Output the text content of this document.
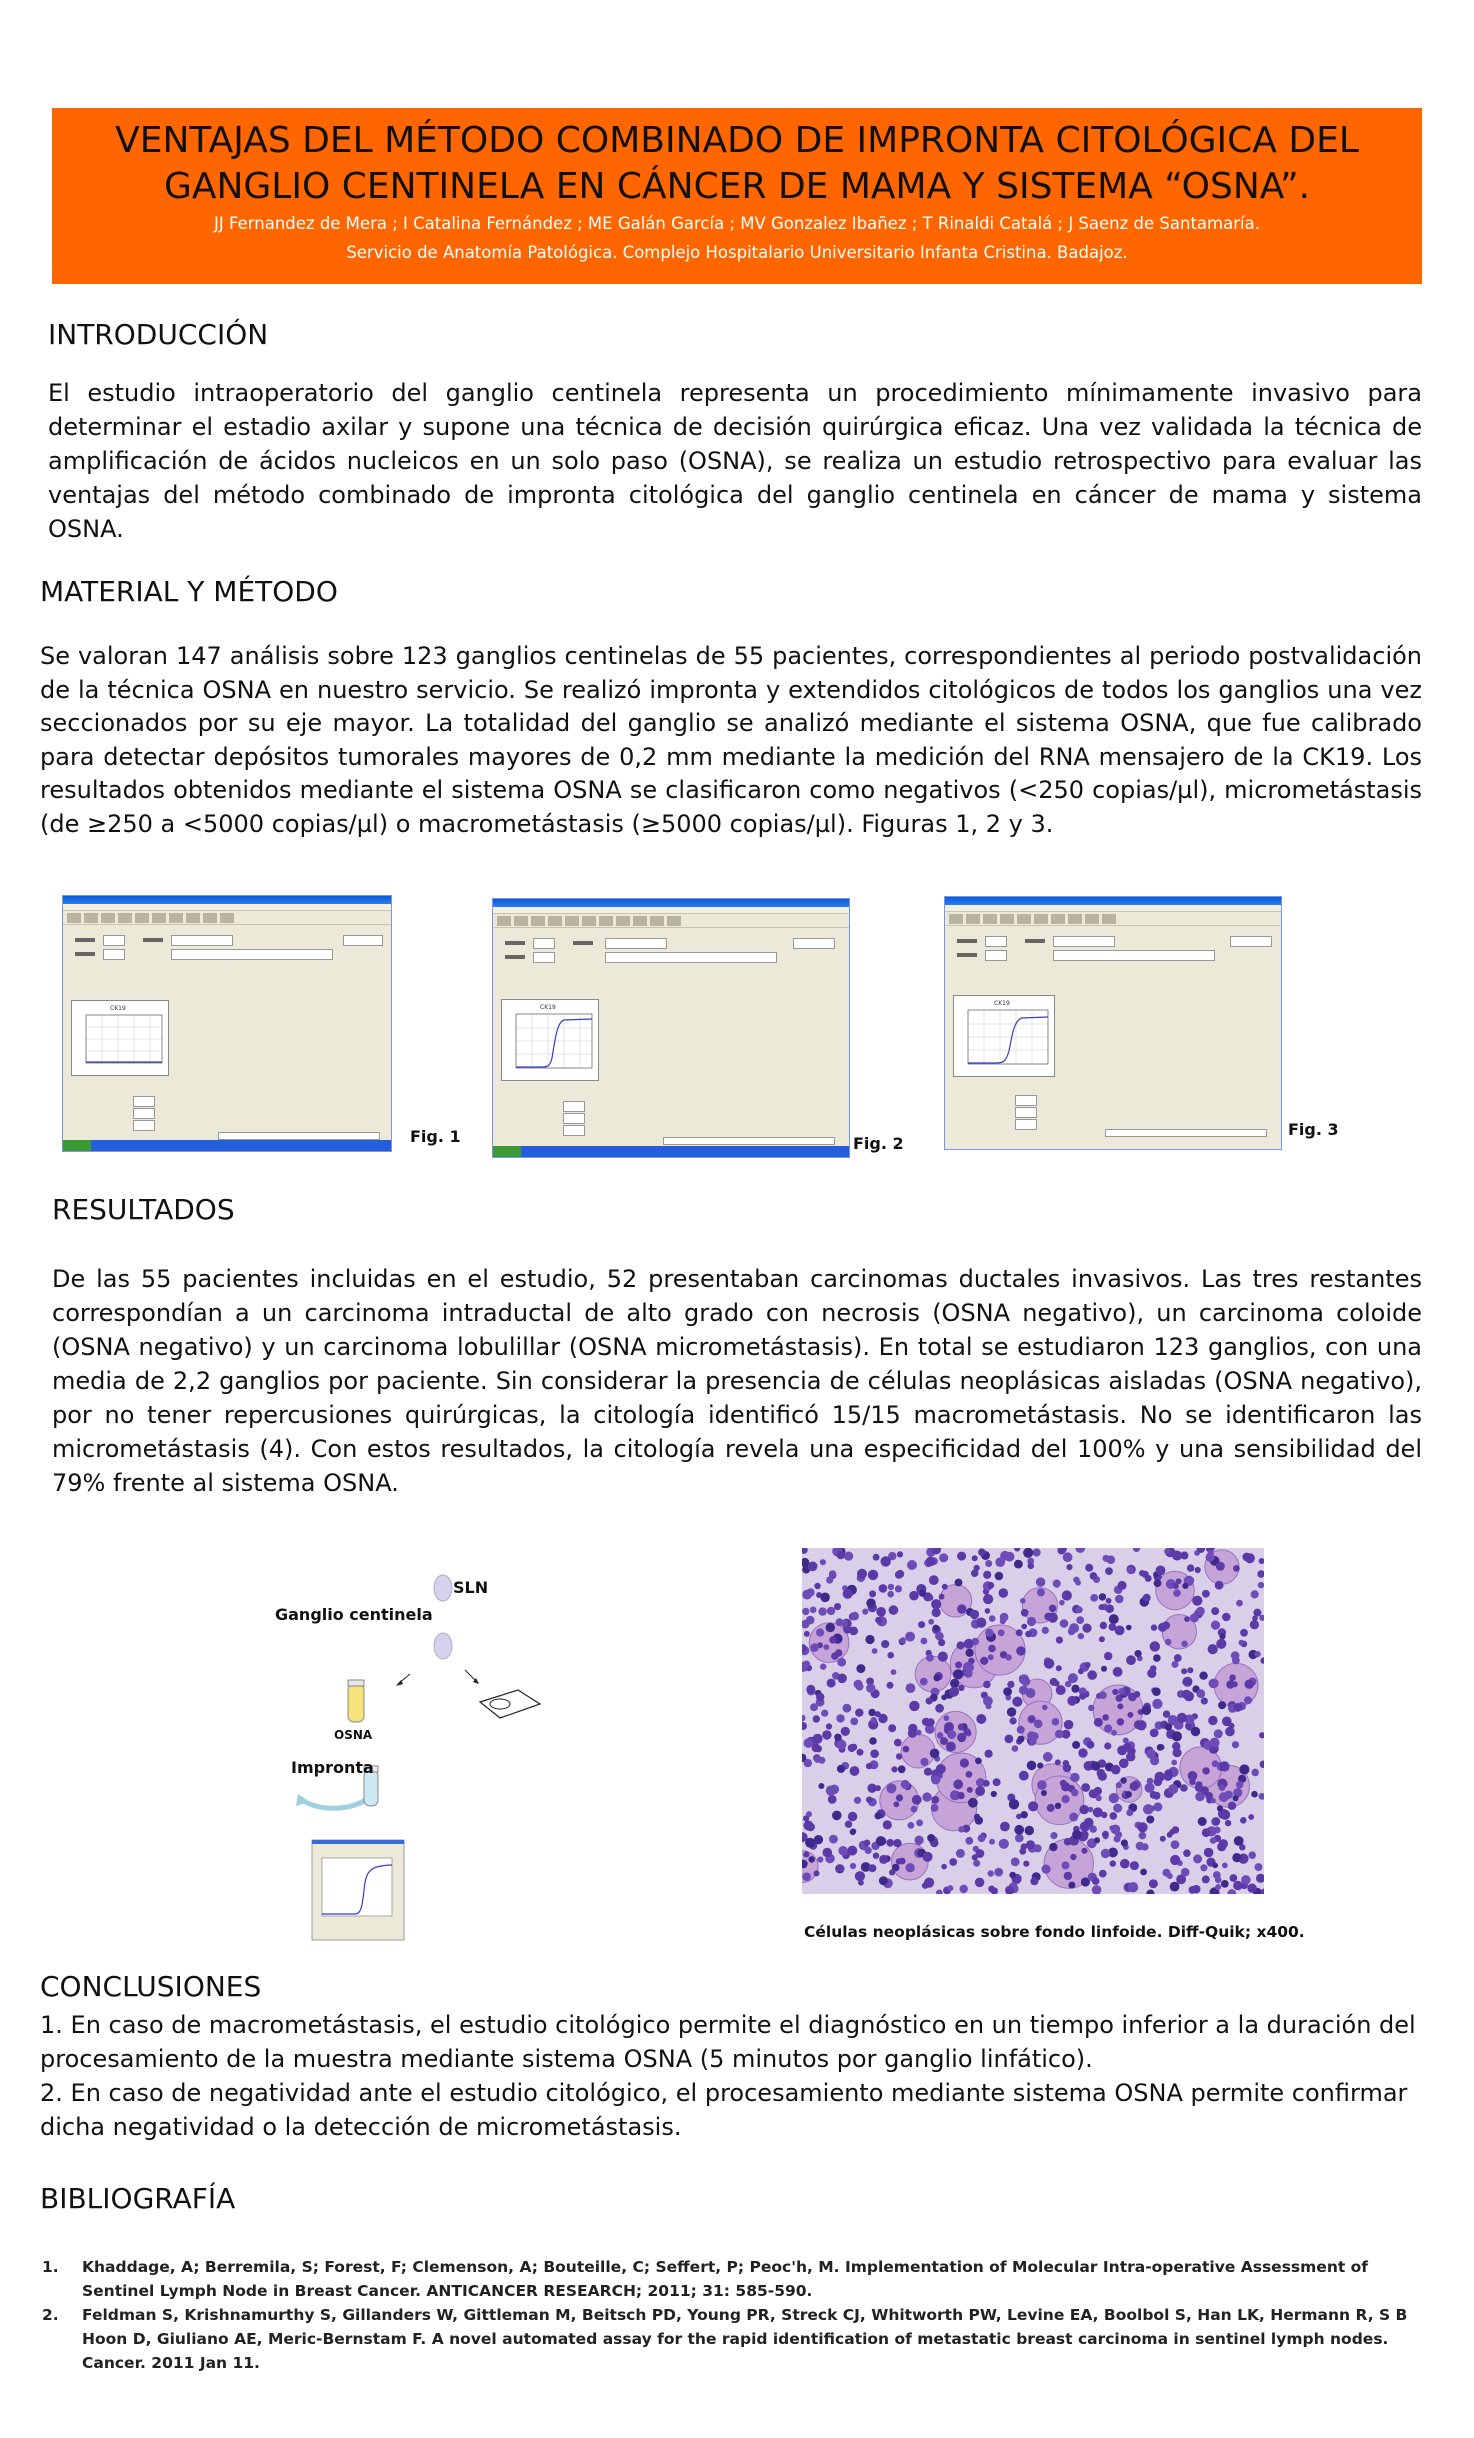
VENTAJAS DEL MÉTODO COMBINADO DE IMPRONTA CITOLÓGICA DEL
GANGLIO CENTINELA EN CÁNCER DE MAMA Y SISTEMA “OSNA”.
JJ Fernandez de Mera ; I Catalina Fernández ; ME Galán García ; MV Gonzalez Ibañez ; T Rinaldi Catalá ; J Saenz de Santamaría.
Servicio de Anatomía Patológica. Complejo Hospitalario Universitario Infanta Cristina. Badajoz.
INTRODUCCIÓN
El estudio intraoperatorio del ganglio centinela representa un procedimiento mínimamente invasivo para determinar el estadio axilar y supone una técnica de decisión quirúrgica eficaz. Una vez validada la técnica de amplificación de ácidos nucleicos en un solo paso (OSNA), se realiza un estudio retrospectivo para evaluar las ventajas del método combinado de impronta citológica del ganglio centinela en cáncer de mama y sistema OSNA.
MATERIAL Y MÉTODO
Se valoran 147 análisis sobre 123 ganglios centinelas de 55 pacientes, correspondientes al periodo postvalidación de la técnica OSNA en nuestro servicio. Se realizó impronta y extendidos citológicos de todos los ganglios una vez seccionados por su eje mayor. La totalidad del ganglio se analizó mediante el sistema OSNA, que fue calibrado para detectar depósitos tumorales mayores de 0,2 mm mediante la medición del RNA mensajero de la CK19. Los resultados obtenidos mediante el sistema OSNA se clasificaron como negativos (<250 copias/µl), micrometástasis (de ≥250 a <5000 copias/µl) o macrometástasis (≥5000 copias/µl). Figuras 1, 2 y 3.
CK19
Fig. 1
CK19
Fig. 2
CK19
Fig. 3
RESULTADOS
De las 55 pacientes incluidas en el estudio, 52 presentaban carcinomas ductales invasivos. Las tres restantes correspondían a un carcinoma intraductal de alto grado con necrosis (OSNA negativo), un carcinoma coloide (OSNA negativo) y un carcinoma lobulillar (OSNA micrometástasis). En total se estudiaron 123 ganglios, con una media de 2,2 ganglios por paciente. Sin considerar la presencia de células neoplásicas aisladas (OSNA negativo), por no tener repercusiones quirúrgicas, la citología identificó 15/15 macrometástasis. No se identificaron las micrometástasis (4). Con estos resultados, la citología revela una especificidad del 100% y una sensibilidad del 79% frente al sistema OSNA.
SLN
Ganglio centinela
OSNA
Impronta
Células neoplásicas sobre fondo linfoide. Diff-Quik; x400.
CONCLUSIONES
1. En caso de macrometástasis, el estudio citológico permite el diagnóstico en un tiempo inferior a la duración del procesamiento de la muestra mediante sistema OSNA (5 minutos por ganglio linfático).
2. En caso de negatividad ante el estudio citológico, el procesamiento mediante sistema OSNA permite confirmar dicha negatividad o la detección de micrometástasis.
BIBLIOGRAFÍA
1. Khaddage, A; Berremila, S; Forest, F; Clemenson, A; Bouteille, C; Seffert, P; Peoc'h, M. Implementation of Molecular Intra-operative Assessment of Sentinel Lymph Node in Breast Cancer. ANTICANCER RESEARCH; 2011; 31: 585-590.
2. Feldman S, Krishnamurthy S, Gillanders W, Gittleman M, Beitsch PD, Young PR, Streck CJ, Whitworth PW, Levine EA, Boolbol S, Han LK, Hermann R, S B Hoon D, Giuliano AE, Meric-Bernstam F. A novel automated assay for the rapid identification of metastatic breast carcinoma in sentinel lymph nodes. Cancer. 2011 Jan 11.
